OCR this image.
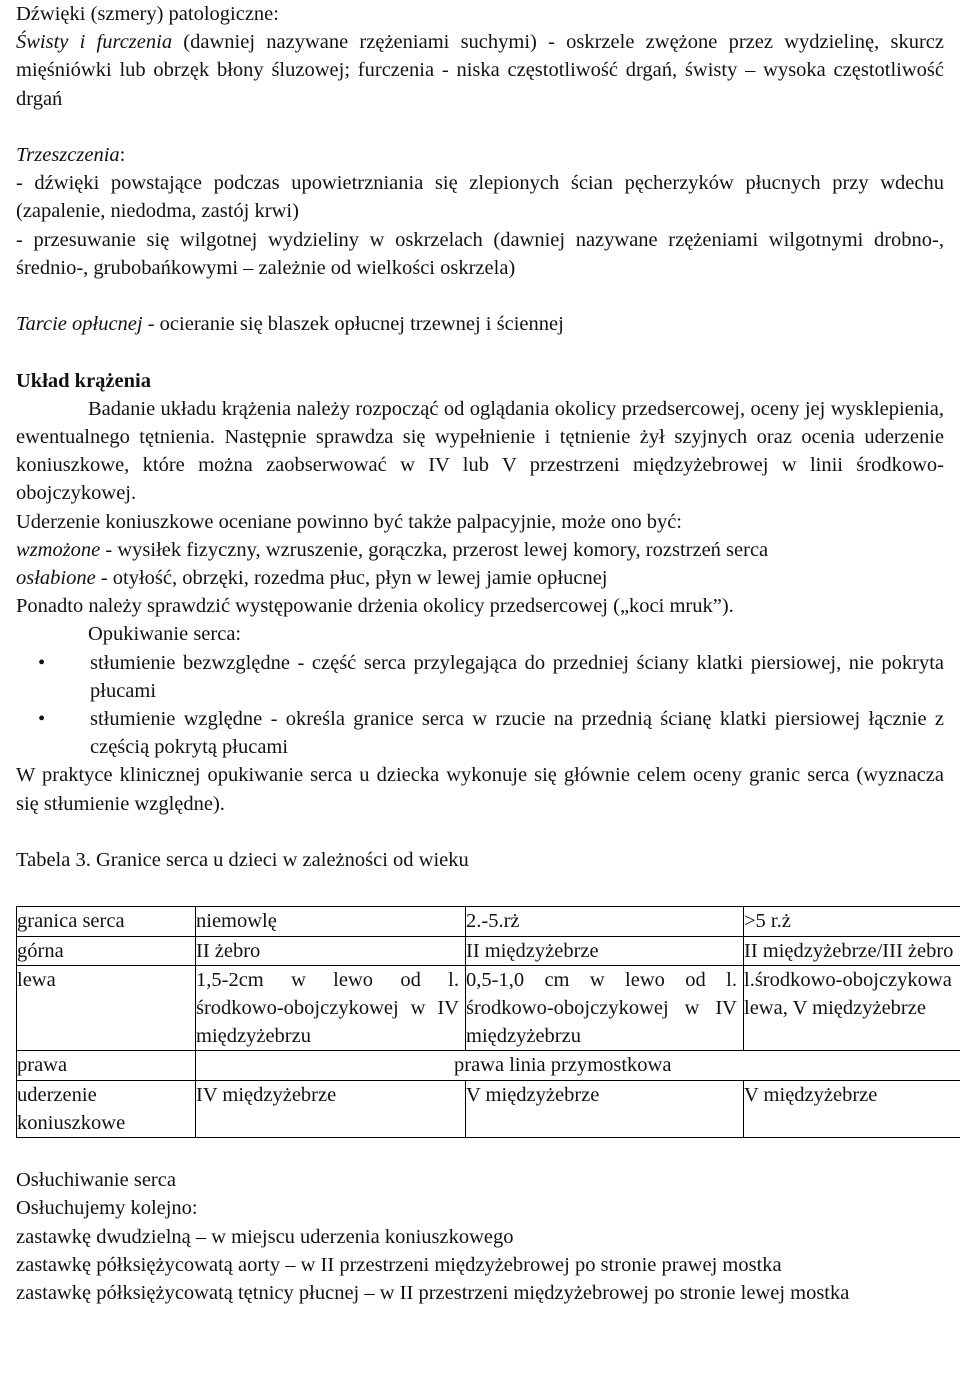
Dźwięki (szmery) patologiczne:

Świsty i furczenia (dawniej nazywane rzężeniami suchymi) - oskrzele zwężone przez wydzielinę, skurcz mięśniówki lub obrzęk błony śluzowej; furczenia - niska częstotliwość drgań, świsty – wysoka częstotliwość drgań

Trzeszczenia:

- dźwięki powstające podczas upowietrzniania się zlepionych ścian pęcherzyków płucnych przy wdechu (zapalenie, niedodma, zastój krwi)

- przesuwanie się wilgotnej wydzieliny w oskrzelach (dawniej nazywane rzężeniami wilgotnymi drobno-, średnio-, grubobańkowymi – zależnie od wielkości oskrzela)

Tarcie opłucnej - ocieranie się blaszek opłucnej trzewnej i ściennej

Układ krążenia

Badanie układu krążenia należy rozpocząć od oglądania okolicy przedsercowej, oceny jej wysklepienia, ewentualnego tętnienia. Następnie sprawdza się wypełnienie i tętnienie żył szyjnych oraz ocenia uderzenie koniuszkowe, które można zaobserwować w IV lub V przestrzeni międzyżebrowej w linii środkowo-obojczykowej.

Uderzenie koniuszkowe oceniane powinno być także palpacyjnie, może ono być:

wzmożone - wysiłek fizyczny, wzruszenie, gorączka, przerost lewej komory, rozstrzeń serca

osłabione - otyłość, obrzęki, rozedma płuc, płyn w lewej jamie opłucnej

Ponadto należy sprawdzić występowanie drżenia okolicy przedsercowej („koci mruk”).

Opukiwanie serca:

• stłumienie bezwzględne - część serca przylegająca do przedniej ściany klatki piersiowej, nie pokryta płucami
• stłumienie względne - określa granice serca w rzucie na przednią ścianę klatki piersiowej łącznie z częścią pokrytą płucami

W praktyce klinicznej opukiwanie serca u dziecka wykonuje się głównie celem oceny granic serca (wyznacza się stłumienie względne).

Tabela 3. Granice serca u dzieci w zależności od wieku

granica serca	niemowlę	2.-5.rż	>5 r.ż
górna	II żebro	II międzyżebrze	II międzyżebrze/III żebro
lewa	1,5-2cm w lewo od l. środkowo-obojczykowej w IV międzyżebrzu	0,5-1,0 cm w lewo od l. środkowo-obojczykowej w IV międzyżebrzu	l.środkowo-obojczykowa lewa, V międzyżebrze
prawa	prawa linia przymostkowa		
uderzenie koniuszkowe	IV międzyżebrze	V międzyżebrze	V międzyżebrze

Osłuchiwanie serca

Osłuchujemy kolejno:

zastawkę dwudzielną – w miejscu uderzenia koniuszkowego

zastawkę półksiężycowatą aorty – w II przestrzeni międzyżebrowej po stronie prawej mostka

zastawkę półksiężycowatą tętnicy płucnej – w II przestrzeni międzyżebrowej po stronie lewej mostka
